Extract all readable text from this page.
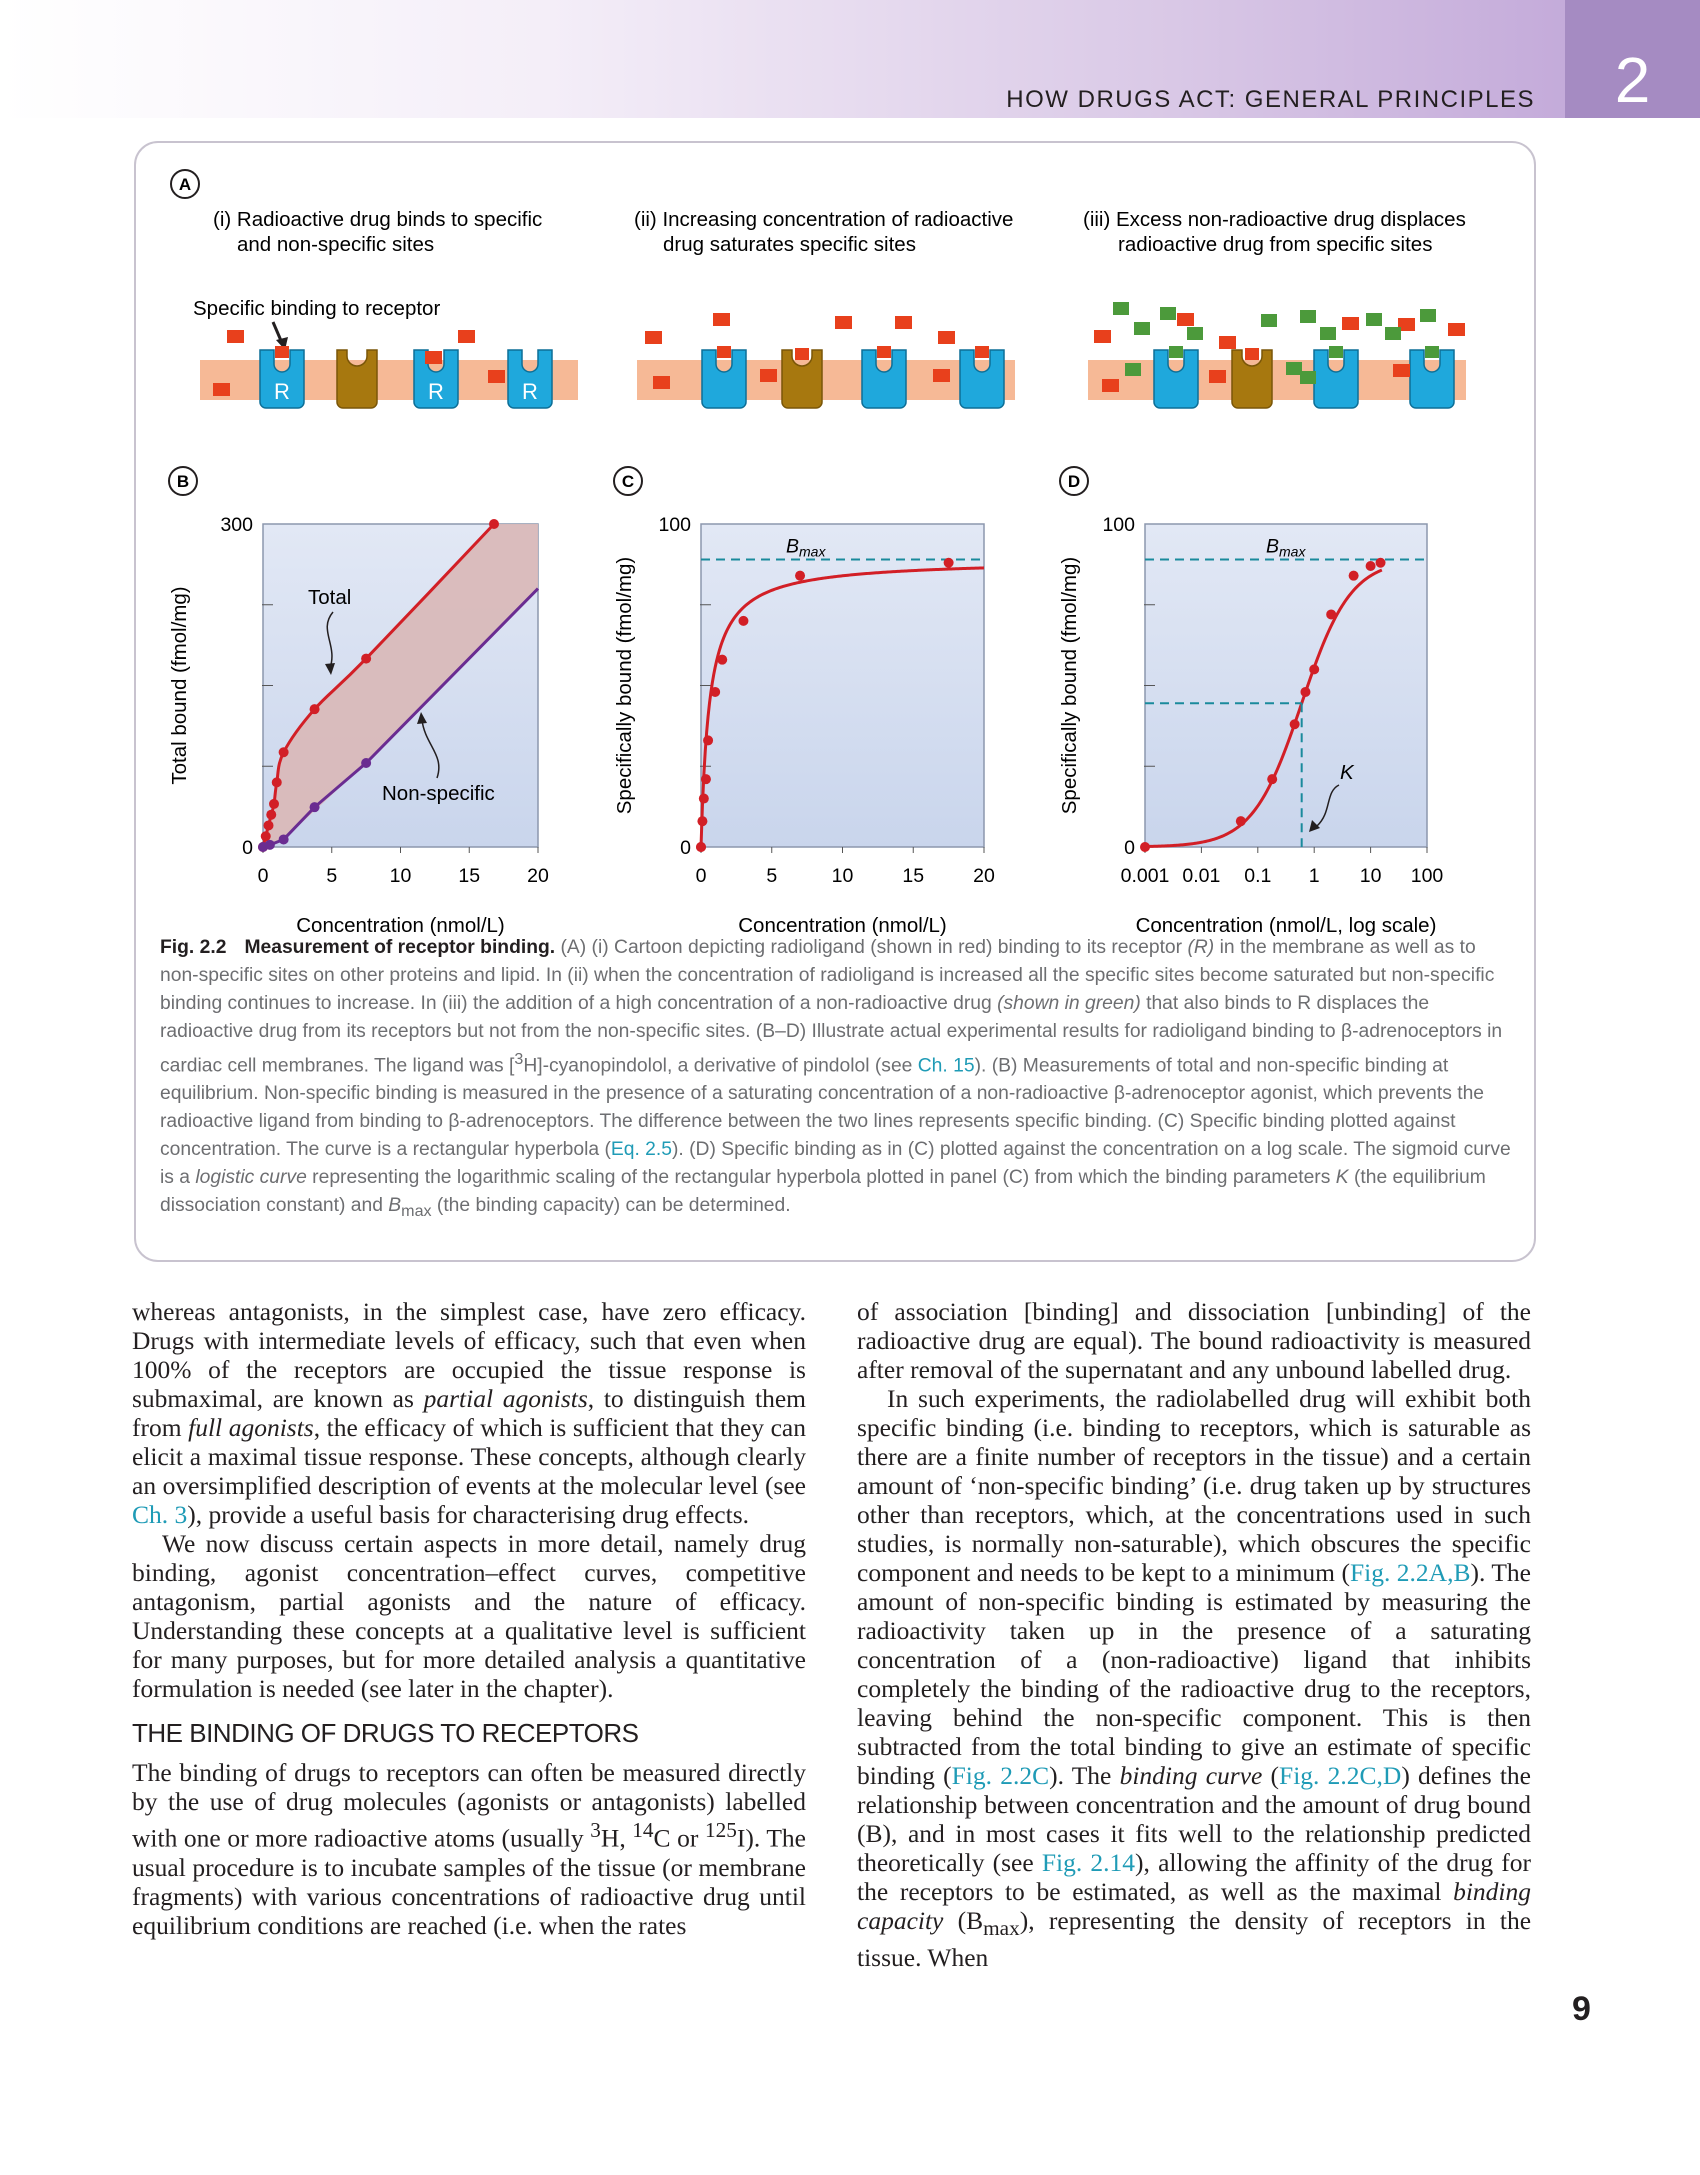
HOW DRUGS ACT: GENERAL PRINCIPLES 2
A
(i) Radioactive drug binds to specific
and non-specific sites
(ii) Increasing concentration of radioactive
drug saturates specific sites
(iii) Excess non-radioactive drug displaces
radioactive drug from specific sites
Specific binding to receptor
R	R	R
B	C	D
0	5	10 15 20
0
300
Total bound (fmol/mg)
Concentration (nmol/L)
Total
Non-specific
0	5	10	15	20
0
100
Specifically bound (fmol/mg)
Concentration (nmol/L)
$B_{max}$
0.001 0.01 0.1 1 10 100
0
100
Specifically bound (fmol/mg)
Concentration (nmol/L, log scale)
$B_{max}$
K
Fig. 2.2 Measurement of receptor binding. (A) (i) Cartoon depicting radioligand (shown in red) binding to its receptor (R) in the membrane as well as to non-specific sites on other proteins and lipid. In (ii) when the concentration of radioligand is increased all the specific sites become saturated but non-specific binding continues to increase. In (iii) the addition of a high concentration of a non-radioactive drug (shown in green) that also binds to R displaces the radioactive drug from its receptors but not from the non-specific sites. (B–D) Illustrate actual experimental results for radioligand binding to β-adrenoceptors in cardiac cell membranes. The ligand was [$^3$H]-cyanopindolol, a derivative of pindolol (see Ch. 15). (B) Measurements of total and non-specific binding at equilibrium. Non-specific binding is measured in the presence of a saturating concentration of a non-radioactive β-adrenoceptor agonist, which prevents the radioactive ligand from binding to β-adrenoceptors. The difference between the two lines represents specific binding. (C) Specific binding plotted against concentration. The curve is a rectangular hyperbola (Eq. 2.5). (D) Specific binding as in (C) plotted against the concentration on a log scale. The sigmoid curve is a logistic curve representing the logarithmic scaling of the rectangular hyperbola plotted in panel (C) from which the binding parameters K (the equilibrium dissociation constant) and $B_{max}$ (the binding capacity) can be determined.

whereas antagonists, in the simplest case, have zero efficacy. Drugs with intermediate levels of efficacy, such that even when 100% of the receptors are occupied the tissue response is submaximal, are known as partial agonists, to distinguish them from full agonists, the efficacy of which is sufficient that they can elicit a maximal tissue response. These concepts, although clearly an oversimplified description of events at the molecular level (see Ch. 3), provide a useful basis for characterising drug effects.

We now discuss certain aspects in more detail, namely drug binding, agonist concentration–effect curves, competitive antagonism, partial agonists and the nature of efficacy. Understanding these concepts at a qualitative level is sufficient for many purposes, but for more detailed analysis a quantitative formulation is needed (see later in the chapter).

THE BINDING OF DRUGS TO RECEPTORS

The binding of drugs to receptors can often be measured directly by the use of drug molecules (agonists or antagonists) labelled with one or more radioactive atoms (usually $^3$H, $^{14}$C or $^{125}$I). The usual procedure is to incubate samples of the tissue (or membrane fragments) with various concentrations of radioactive drug until equilibrium conditions are reached (i.e. when the rates

of association [binding] and dissociation [unbinding] of the radioactive drug are equal). The bound radioactivity is measured after removal of the supernatant and any unbound labelled drug.

In such experiments, the radiolabelled drug will exhibit both specific binding (i.e. binding to receptors, which is saturable as there are a finite number of receptors in the tissue) and a certain amount of ‘non-specific binding’ (i.e. drug taken up by structures other than receptors, which, at the concentrations used in such studies, is normally non-saturable), which obscures the specific component and needs to be kept to a minimum (Fig. 2.2A,B). The amount of non-specific binding is estimated by measuring the radioactivity taken up in the presence of a saturating concentration of a (non-radioactive) ligand that inhibits completely the binding of the radioactive drug to the receptors, leaving behind the non-specific component. This is then subtracted from the total binding to give an estimate of specific binding (Fig. 2.2C). The binding curve (Fig. 2.2C,D) defines the relationship between concentration and the amount of drug bound (B), and in most cases it fits well to the relationship predicted theoretically (see Fig. 2.14), allowing the affinity of the drug for the receptors to be estimated, as well as the maximal binding capacity $(B_{max})$, representing the density of receptors in the tissue. When

9
